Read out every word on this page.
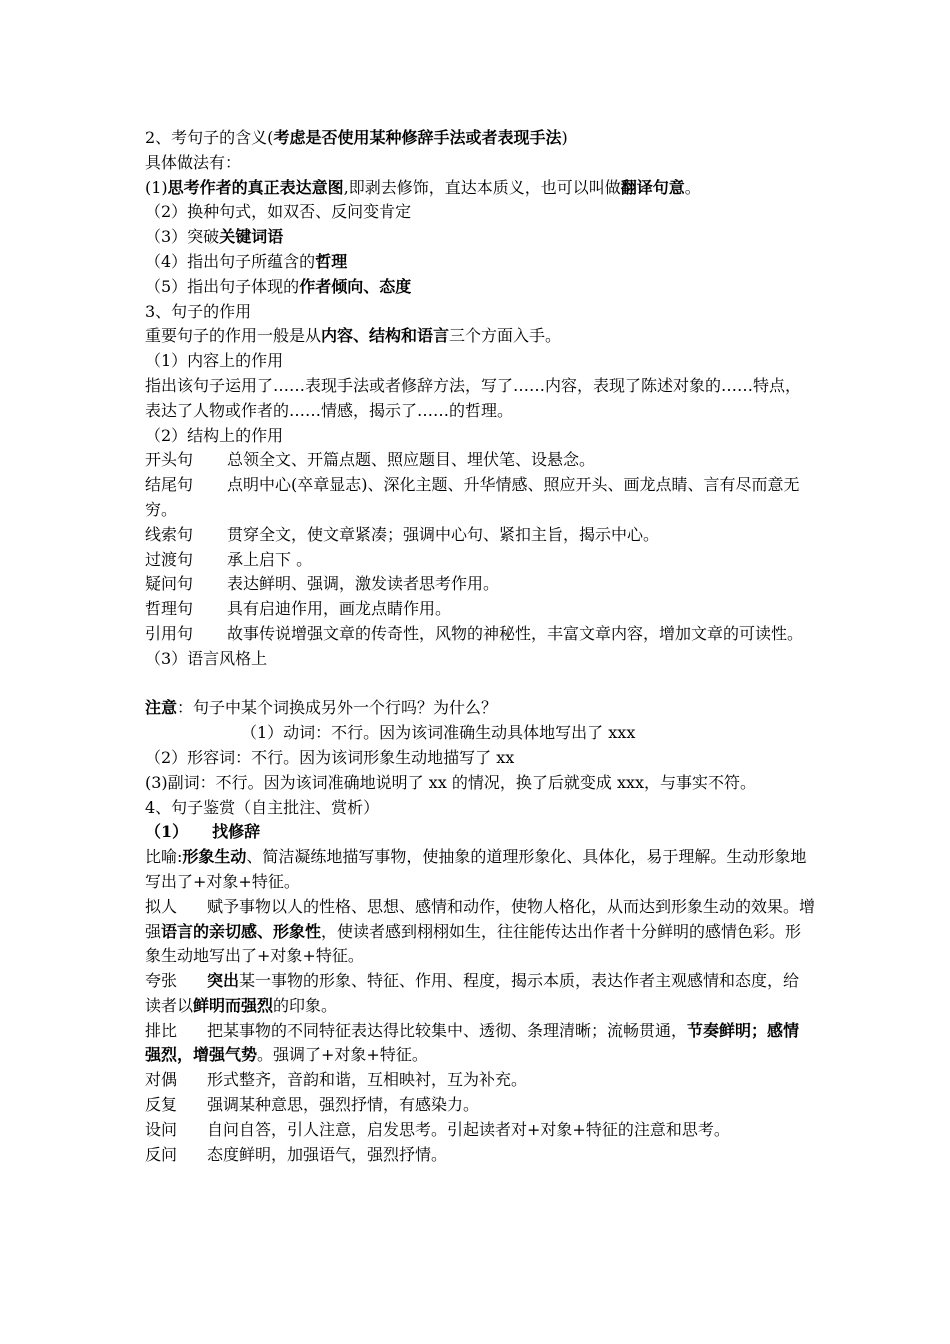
2、考句子的含义(考虑是否使用某种修辞手法或者表现手法)
具体做法有：
(1)思考作者的真正表达意图,即剥去修饰，直达本质义，也可以叫做翻译句意。
（2）换种句式，如双否、反问变肯定
（3）突破关键词语
（4）指出句子所蕴含的哲理
（5）指出句子体现的作者倾向、态度
3、句子的作用
重要句子的作用一般是从内容、结构和语言三个方面入手。
（1）内容上的作用
指出该句子运用了……表现手法或者修辞方法，写了……内容，表现了陈述对象的……特点，表达了人物或作者的……情感，揭示了……的哲理。
（2）结构上的作用
开头句 总领全文、开篇点题、照应题目、埋伏笔、设悬念。
结尾句 点明中心(卒章显志)、深化主题、升华情感、照应开头、画龙点睛、言有尽而意无穷。
线索句 贯穿全文，使文章紧凑；强调中心句、紧扣主旨，揭示中心。
过渡句 承上启下 。
疑问句 表达鲜明、强调，激发读者思考作用。
哲理句 具有启迪作用，画龙点睛作用。
引用句 故事传说增强文章的传奇性，风物的神秘性，丰富文章内容，增加文章的可读性。
（3）语言风格上
注意：句子中某个词换成另外一个行吗？为什么？
（1）动词：不行。因为该词准确生动具体地写出了 xxx
（2）形容词：不行。因为该词形象生动地描写了 xx
(3)副词：不行。因为该词准确地说明了 xx 的情况，换了后就变成 xxx，与事实不符。
4、句子鉴赏（自主批注、赏析）
（1） 找修辞
比喻:形象生动、简洁凝练地描写事物，使抽象的道理形象化、具体化，易于理解。生动形象地写出了+对象+特征。
拟人 赋予事物以人的性格、思想、感情和动作，使物人格化，从而达到形象生动的效果。增强语言的亲切感、形象性，使读者感到栩栩如生，往往能传达出作者十分鲜明的感情色彩。形象生动地写出了+对象+特征。
夸张 突出某一事物的形象、特征、作用、程度，揭示本质，表达作者主观感情和态度，给读者以鲜明而强烈的印象。
排比 把某事物的不同特征表达得比较集中、透彻、条理清晰；流畅贯通，节奏鲜明；感情强烈，增强气势。强调了+对象+特征。
对偶 形式整齐，音韵和谐，互相映衬，互为补充。
反复 强调某种意思，强烈抒情，有感染力。
设问 自问自答，引人注意，启发思考。引起读者对+对象+特征的注意和思考。
反问 态度鲜明，加强语气，强烈抒情。
